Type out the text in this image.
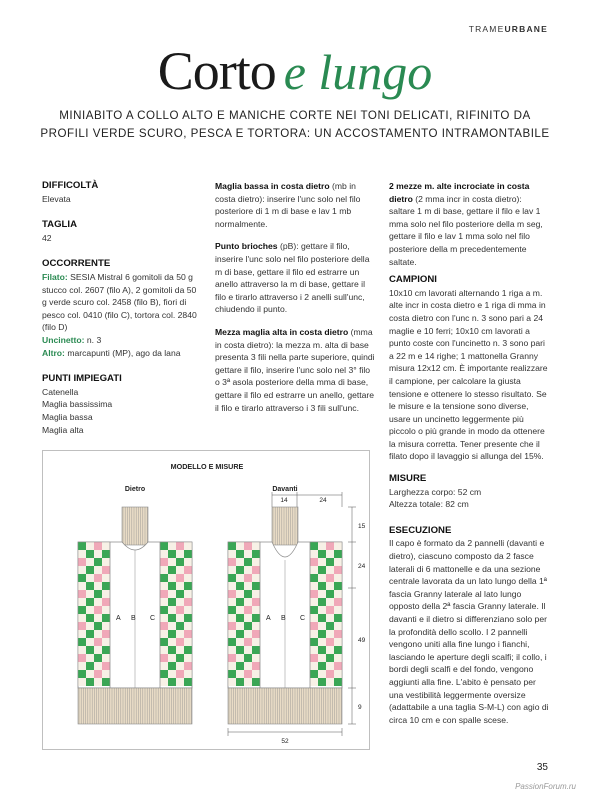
TRAMEURBANE
Corto e lungo
MINIABITO A COLLO ALTO E MANICHE CORTE NEI TONI DELICATI, RIFINITO DA
PROFILI VERDE SCURO, PESCA E TORTORA: UN ACCOSTAMENTO INTRAMONTABILE
DIFFICOLTÀ
Elevata
TAGLIA
42
OCCORRENTE
Filato: SESIA Mistral 6 gomitoli da 50 g stucco col. 2607 (filo A), 2 gomitoli da 50 g verde scuro col. 2458 (filo B), fiori di pesco col. 0410 (filo C), tortora col. 2840 (filo D)
Uncinetto: n. 3
Altro: marcapunti (MP), ago da lana
PUNTI IMPIEGATI
Catenella
Maglia bassissima
Maglia bassa
Maglia alta

Maglia bassa in costa dietro (mb in costa dietro): inserire l'unc solo nel filo posteriore di 1 m di base e lav 1 mb normalmente.

Punto brioches (pB): gettare il filo, inserire l'unc solo nel filo posteriore della m di base, gettare il filo ed estrarre un anello attraverso la m di base, gettare il filo e tirarlo attraverso i 2 anelli sull'unc, chiudendo il punto.

Mezza maglia alta in costa dietro (mma in costa dietro): la mezza m. alta di base presenta 3 fili nella parte superiore, quindi gettare il filo, inserire l'unc solo nel 3° filo o 3ª asola posteriore della mma di base, gettare il filo ed estrarre un anello, gettare il filo e tirarlo attraverso i 3 fili sull'unc.

2 mezze m. alte incrociate in costa dietro (2 mma incr in costa dietro): saltare 1 m di base, gettare il filo e lav 1 mma solo nel filo posteriore della m seg, gettare il filo e lav 1 mma solo nel filo posteriore della m precedentemente saltate.

CAMPIONI

10x10 cm lavorati alternando 1 riga a m. alte incr in costa dietro e 1 riga di mma in costa dietro con l'unc n. 3 sono pari a 24 maglie e 10 ferri; 10x10 cm lavorati a punto coste con l'uncinetto n. 3 sono pari a 22 m e 14 righe; 1 mattonella Granny misura 12x12 cm. È importante realizzare il campione, per calcolare la giusta tensione e ottenere lo stesso risultato. Se le misure e la tensione sono diverse, usare un uncinetto leggermente più piccolo o più grande in modo da ottenere la misura corretta. Tener presente che il filato dopo il lavaggio si allunga del 15%.

MISURE
Larghezza corpo: 52 cm
Altezza totale: 82 cm
ESECUZIONE

Il capo è formato da 2 pannelli (davanti e dietro), ciascuno composto da 2 fasce laterali di 6 mattonelle e da una sezione centrale lavorata da un lato lungo della 1ª fascia Granny laterale al lato lungo opposto della 2ª fascia Granny laterale. Il davanti e il dietro si differenziano solo per la profondità dello scollo. I 2 pannelli vengono uniti alla fine lungo i fianchi, lasciando le aperture degli scalfi; il collo, i bordi degli scalfi e del fondo, vengono aggiunti alla fine. L'abito è pensato per una vestibilità leggermente oversize (adattabile a una taglia S-M-L) con agio di circa 10 cm e con spalle scese.

MODELLO E MISURE
Dietro
A B C
Davanti
14	24
A B C
15
24
49
9
52
35
PassionForum.ru
